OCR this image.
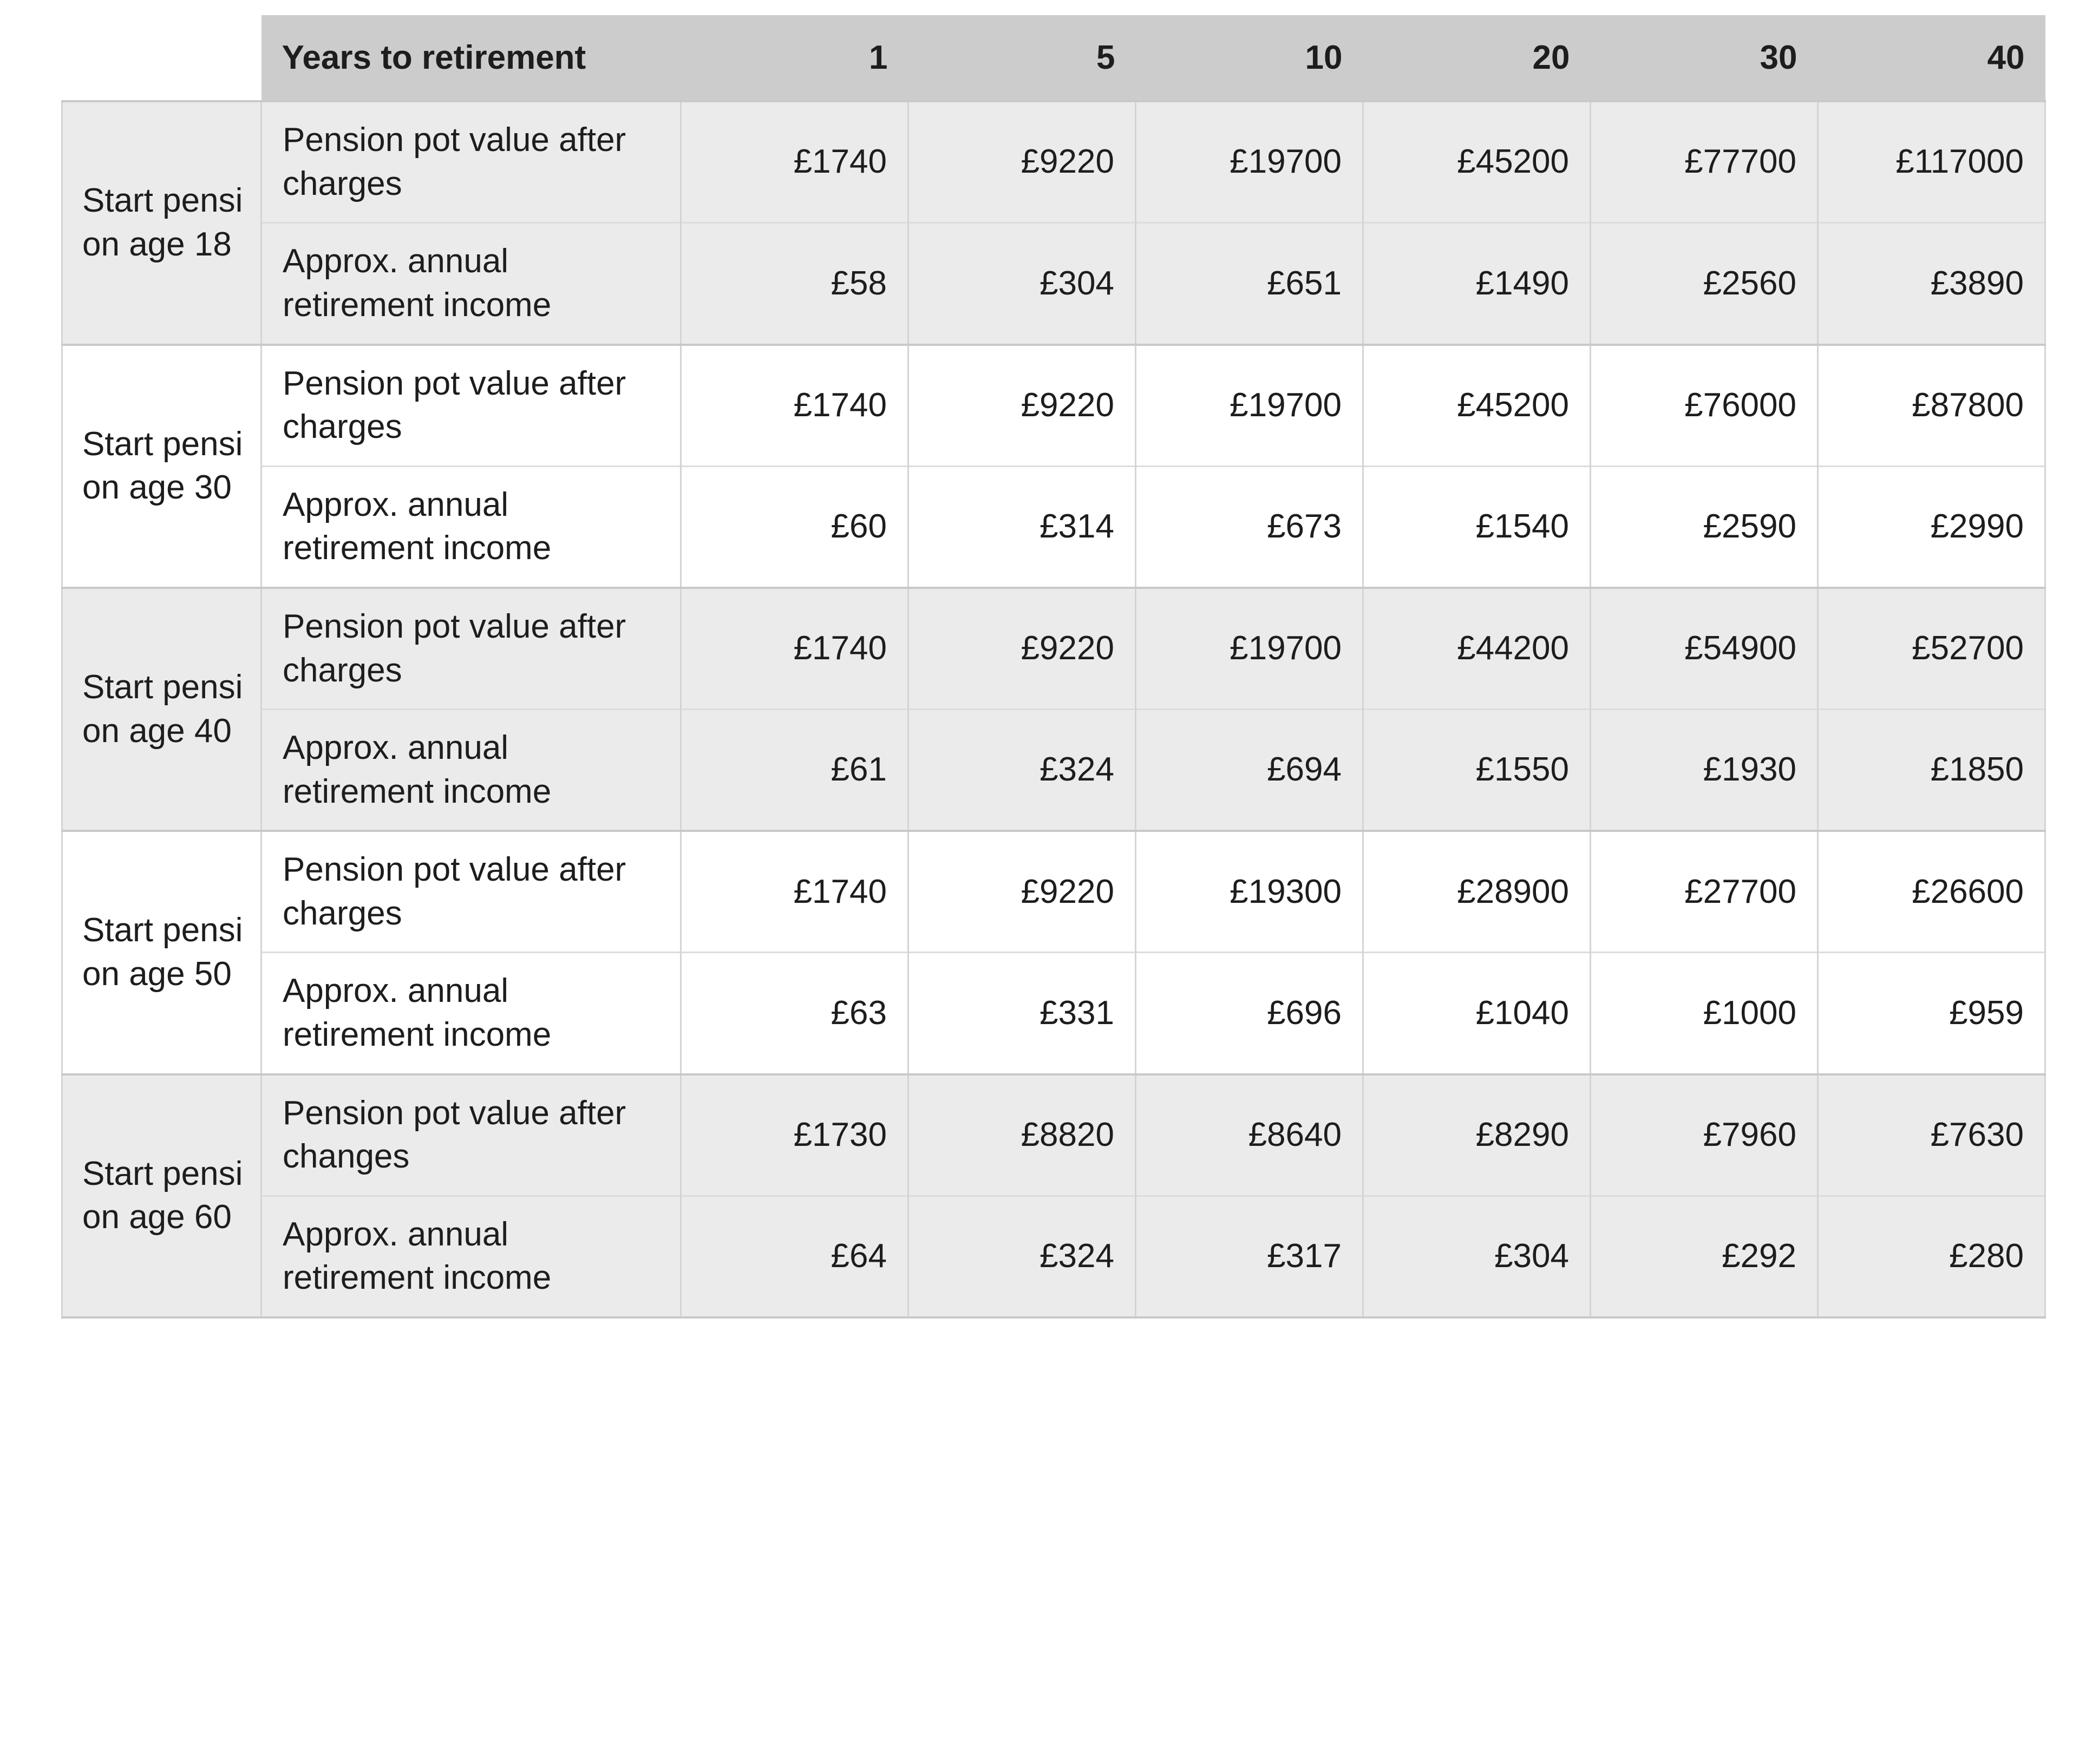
	Years to retirement	1	5	10	20	30	40
Start pension age 18	Pension pot value after charges	£1740	£9220	£19700	£45200	£77700	£117000
	Approx. annual retirement income	£58	£304	£651	£1490	£2560	£3890
Start pension age 30	Pension pot value after charges	£1740	£9220	£19700	£45200	£76000	£87800
	Approx. annual retirement income	£60	£314	£673	£1540	£2590	£2990
Start pension age 40	Pension pot value after charges	£1740	£9220	£19700	£44200	£54900	£52700
	Approx. annual retirement income	£61	£324	£694	£1550	£1930	£1850
Start pension age 50	Pension pot value after charges	£1740	£9220	£19300	£28900	£27700	£26600
	Approx. annual retirement income	£63	£331	£696	£1040	£1000	£959
Start pension age 60	Pension pot value after changes	£1730	£8820	£8640	£8290	£7960	£7630
	Approx. annual retirement income	£64	£324	£317	£304	£292	£280
